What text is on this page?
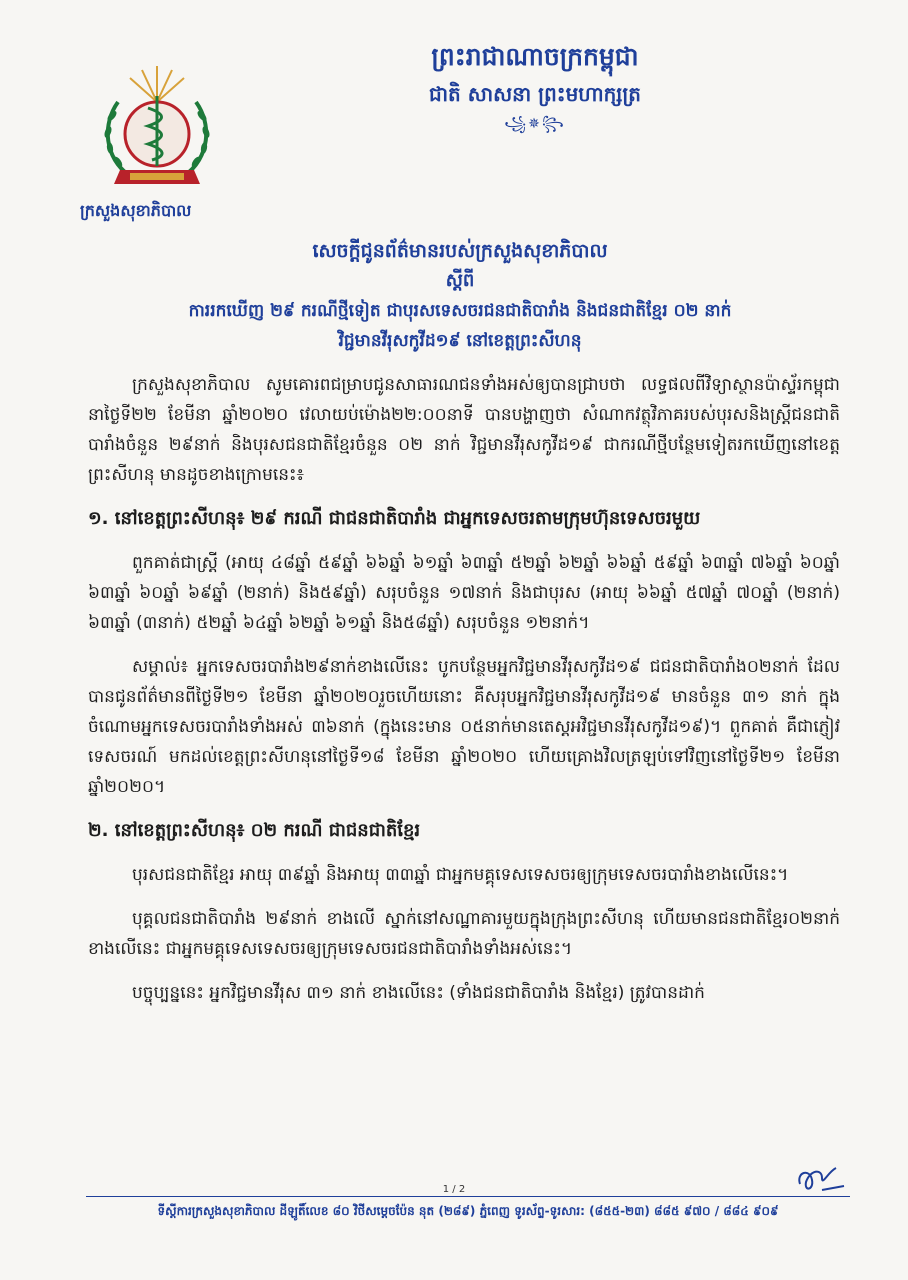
ព្រះរាជាណាចក្រកម្ពុជា
ជាតិ សាសនា ព្រះមហាក្សត្រ
꧁✵꧂
ក្រសួងសុខាភិបាល
សេចក្តីជូនព័ត៌មានរបស់ក្រសួងសុខាភិបាល
ស្តីពី
ការរកឃើញ ២៩ ករណីថ្មីទៀត ជាបុរសទេសចរជនជាតិបារាំង និងជនជាតិខ្មែរ ០២ នាក់
វិជ្ជមានវីរុសកូវីដ១៩ នៅខេត្តព្រះសីហនុ

ក្រសួងសុខាភិបាល សូមគោរពជម្រាបជូនសាធារណជនទាំងអស់ឲ្យបានជ្រាបថា លទ្ធផលពីវិទ្យាស្ថានប៉ាស្ទ័រកម្ពុជា នាថ្ងៃទី២២ ខែមីនា ឆ្នាំ២០២០ វេលាយប់ម៉ោង២២:០០នាទី បានបង្ហាញថា សំណាកវត្ថុវិភាគរបស់បុរសនិងស្ត្រីជនជាតិបារាំងចំនួន ២៩នាក់ និងបុរសជនជាតិខ្មែរចំនួន ០២ នាក់ វិជ្ជមានវីរុសកូវីដ១៩ ជាករណីថ្មីបន្ថែមទៀតរកឃើញនៅខេត្តព្រះសីហនុ មានដូចខាងក្រោមនេះ៖

១. នៅខេត្តព្រះសីហនុ៖ ២៩ ករណី ជាជនជាតិបារាំង ជាអ្នកទេសចរតាមក្រុមហ៊ុនទេសចរមួយ

ពួកគាត់ជាស្ត្រី (អាយុ ៤៨ឆ្នាំ ៥៩ឆ្នាំ ៦៦ឆ្នាំ ៦១ឆ្នាំ ៦៣ឆ្នាំ ៥២ឆ្នាំ ៦២ឆ្នាំ ៦៦ឆ្នាំ ៥៩ឆ្នាំ ៦៣ឆ្នាំ ៧៦ឆ្នាំ ៦០ឆ្នាំ ៦៣ឆ្នាំ ៦០ឆ្នាំ ៦៩ឆ្នាំ (២នាក់) និង៥៩ឆ្នាំ) សរុបចំនួន ១៧នាក់ និងជាបុរស (អាយុ ៦៦ឆ្នាំ ៥៧ឆ្នាំ ៧០ឆ្នាំ (២នាក់) ៦៣ឆ្នាំ (៣នាក់) ៥២ឆ្នាំ ៦៤ឆ្នាំ ៦២ឆ្នាំ ៦១ឆ្នាំ និង៥៨ឆ្នាំ) សរុបចំនួន ១២នាក់។

សម្គាល់៖ អ្នកទេសចរបារាំង២៩នាក់ខាងលើនេះ បូកបន្ថែមអ្នកវិជ្ជមានវីរុសកូវីដ១៩ ជជនជាតិបារាំង០២នាក់ ដែលបានជូនព័ត៌មានពីថ្ងៃទី២១ ខែមីនា ឆ្នាំ២០២០រួចហើយនោះ គឺសរុបអ្នកវិជ្ជមានវីរុសកូវីដ១៩ មានចំនួន ៣១ នាក់ ក្នុងចំណោមអ្នកទេសចរបារាំងទាំងអស់ ៣៦នាក់ (ក្នុងនេះមាន ០៥នាក់មានតេស្តអវិជ្ជមានវីរុសកូវីដ១៩)។ ពួកគាត់ គឺជាភ្ញៀវទេសចរណ៍ មកដល់ខេត្តព្រះសីហនុនៅថ្ងៃទី១៨ ខែមីនា ឆ្នាំ២០២០ ហើយគ្រោងវិលត្រឡប់ទៅវិញនៅថ្ងៃទី២១ ខែមីនា ឆ្នាំ២០២០។

២. នៅខេត្តព្រះសីហនុ៖ ០២ ករណី ជាជនជាតិខ្មែរ

បុរសជនជាតិខ្មែរ អាយុ ៣៩ឆ្នាំ និងអាយុ ៣៣ឆ្នាំ ជាអ្នកមគ្គុទេសទេសចរឲ្យក្រុមទេសចរបារាំងខាងលើនេះ។

បុគ្គលជនជាតិបារាំង ២៩នាក់ ខាងលើ ស្នាក់នៅសណ្ឋាគារមួយក្នុងក្រុងព្រះសីហនុ ហើយមានជនជាតិខ្មែរ០២នាក់ខាងលើនេះ ជាអ្នកមគ្គុទេសទេសចរឲ្យក្រុមទេសចរជនជាតិបារាំងទាំងអស់នេះ។

បច្ចុប្បន្ននេះ អ្នកវិជ្ជមានវីរុស ៣១ នាក់ ខាងលើនេះ (ទាំងជនជាតិបារាំង និងខ្មែរ) ត្រូវបានដាក់

1 / 2
ទីស្តីការក្រសួងសុខាភិបាល ដីឡូតិ៍លេខ ៨០ វិថីសម្ដេចប៉ែន នុត (២៨៩) ភ្នំពេញ ទូរស័ព្ទ-ទូរសារ: (៨៥៥-២៣) ៨៨៥ ៩៧០ / ៨៨៤ ៩០៩
